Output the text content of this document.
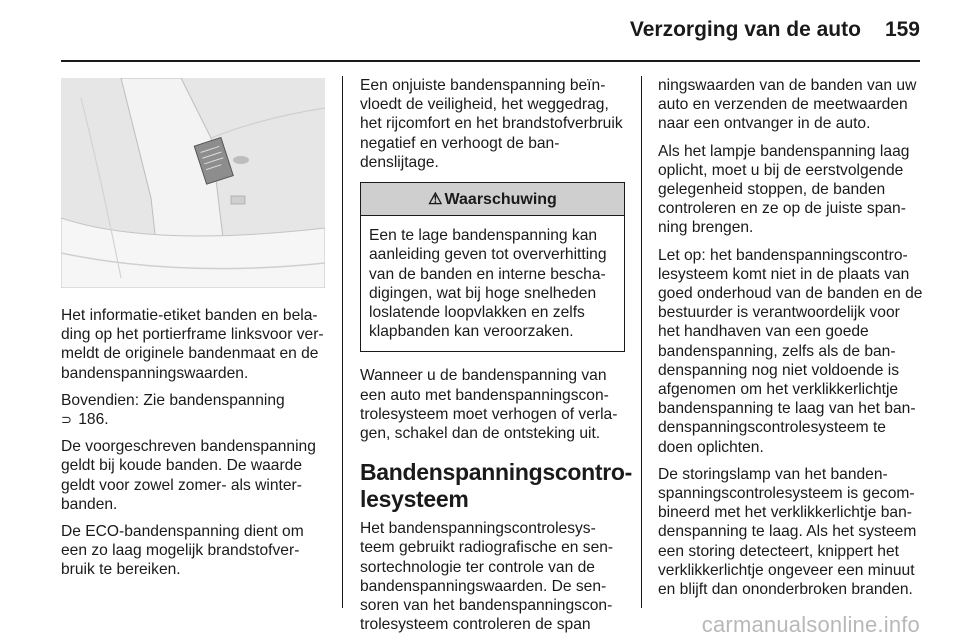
Verzorging van de auto 159

Het informatie-etiket banden en belading op het portierframe linksvoor vermeldt de originele bandenmaat en de bandenspanningswaarden.

Bovendien: Zie bandenspanning
⊃ 186.

De voorgeschreven bandenspanning geldt bij koude banden. De waarde geldt voor zowel zomer- als winterbanden.

De ECO-bandenspanning dient om een zo laag mogelijk brandstofverbruik te bereiken.

Een onjuiste bandenspanning beïnvloedt de veiligheid, het weggedrag, het rijcomfort en het brandstofverbruik negatief en verhoogt de bandenslijtage.

⚠ Waarschuwing
Een te lage bandenspanning kan aanleiding geven tot oververhitting van de banden en interne beschadigingen, wat bij hoge snelheden loslatende loopvlakken en zelfs klapbanden kan veroorzaken.

Wanneer u de bandenspanning van een auto met bandenspanningscontrolesysteem moet verhogen of verlagen, schakel dan de ontsteking uit.

Bandenspanningscontrolesysteem

Het bandenspanningscontrolesysteem gebruikt radiografische en sensortechnologie ter controle van de bandenspanningswaarden. De sensoren van het bandenspanningscontrolesysteem controleren de span

ningswaarden van de banden van uw auto en verzenden de meetwaarden naar een ontvanger in de auto.

Als het lampje bandenspanning laag oplicht, moet u bij de eerstvolgende gelegenheid stoppen, de banden controleren en ze op de juiste spanning brengen.

Let op: het bandenspanningscontrolesysteem komt niet in de plaats van goed onderhoud van de banden en de bestuurder is verantwoordelijk voor het handhaven van een goede bandenspanning, zelfs als de bandenspanning nog niet voldoende is afgenomen om het verklikkerlichtje bandenspanning te laag van het bandenspanningscontrolesysteem te doen oplichten.

De storingslamp van het bandenspanningscontrolesysteem is gecombineerd met het verklikkerlichtje bandenspanning te laag. Als het systeem een storing detecteert, knippert het verklikkerlichtje ongeveer een minuut en blijft dan ononderbroken branden.

carmanualsonline.info
